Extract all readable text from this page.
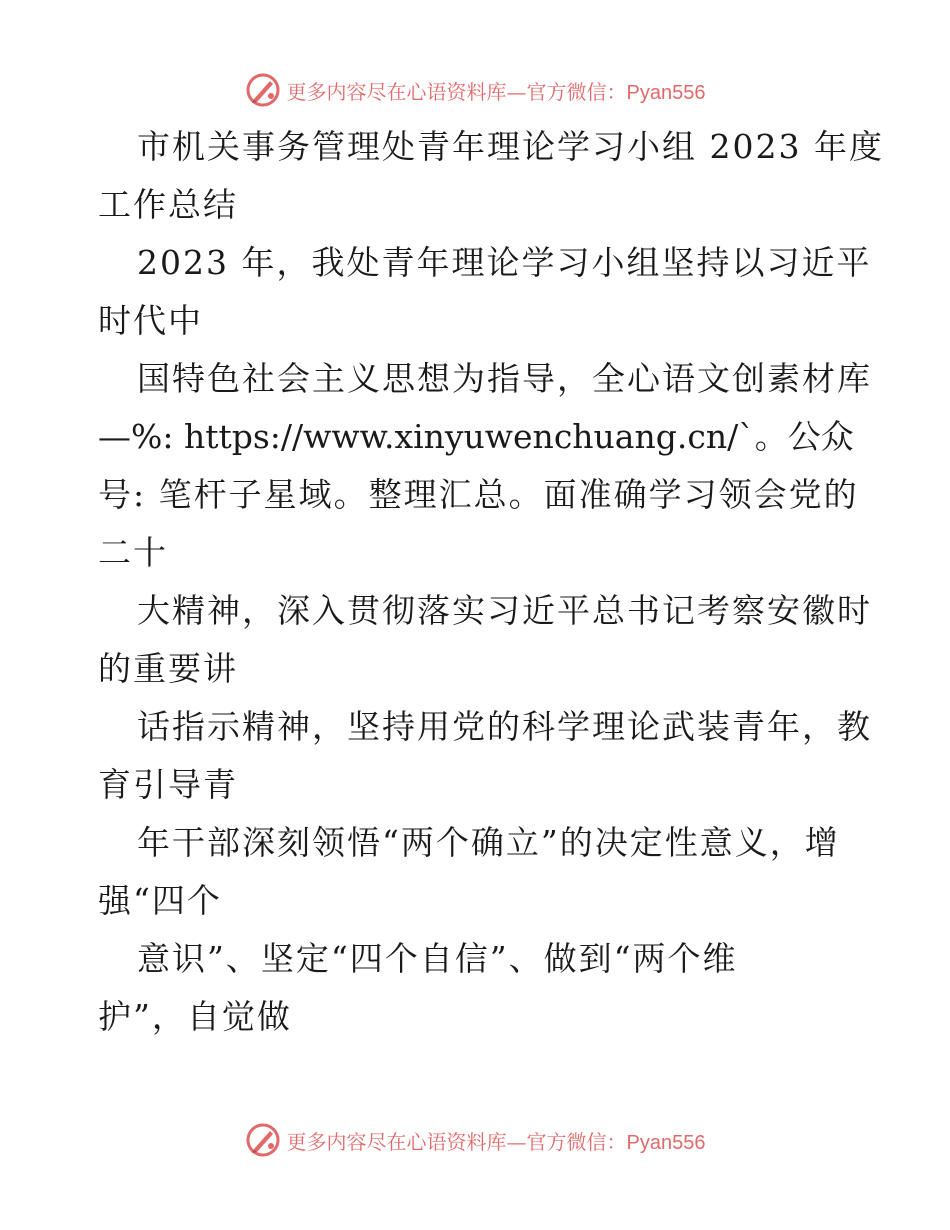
更多内容尽在心语资料库—官方微信：Pyan556
市机关事务管理处青年理论学习小组 2023 年度
工作总结
2023 年，我处青年理论学习小组坚持以习近平
时代中
国特色社会主义思想为指导，全心语文创素材库
—%: https://www.xinyuwenchuang.cn/`。公众
号: 笔杆子星域。整理汇总。面准确学习领会党的
二十
大精神，深入贯彻落实习近平总书记考察安徽时
的重要讲
话指示精神，坚持用党的科学理论武装青年，教
育引导青
年干部深刻领悟“两个确立”的决定性意义，增
强“四个
意识”、坚定“四个自信”、做到“两个维
护”，自觉做
更多内容尽在心语资料库—官方微信：Pyan556
